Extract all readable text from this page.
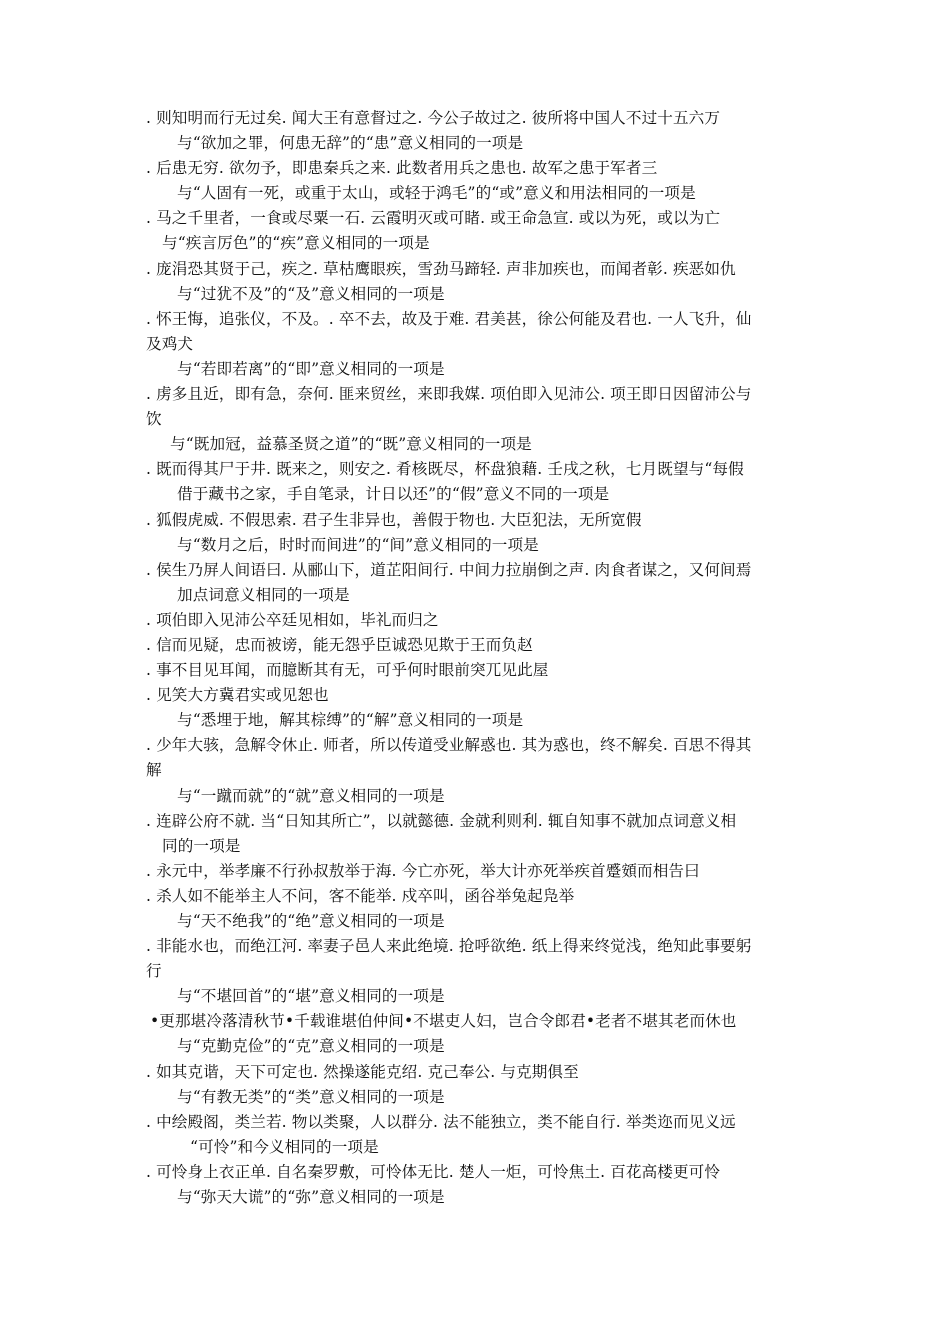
. 则知明而行无过矣. 闻大王有意督过之. 今公子故过之. 彼所将中国人不过十五六万
与“欲加之罪，何患无辞”的“患”意义相同的一项是
. 后患无穷. 欲勿予，即患秦兵之来. 此数者用兵之患也. 故军之患于军者三
与“人固有一死，或重于太山，或轻于鸿毛”的“或”意义和用法相同的一项是
. 马之千里者，一食或尽粟一石. 云霞明灭或可睹. 或王命急宣. 或以为死，或以为亡
与“疾言厉色”的“疾”意义相同的一项是
. 庞涓恐其贤于己，疾之. 草枯鹰眼疾，雪劲马蹄轻. 声非加疾也，而闻者彰. 疾恶如仇
与“过犹不及”的“及”意义相同的一项是
. 怀王悔，追张仪，不及。. 卒不去，故及于难. 君美甚，徐公何能及君也. 一人飞升，仙
及鸡犬
与“若即若离”的“即”意义相同的一项是
. 虏多且近，即有急，奈何. 匪来贸丝，来即我媒. 项伯即入见沛公. 项王即日因留沛公与
饮
与“既加冠，益慕圣贤之道”的“既”意义相同的一项是
. 既而得其尸于井. 既来之，则安之. 肴核既尽，杯盘狼藉. 壬戌之秋，七月既望与“每假
借于藏书之家，手自笔录，计日以还”的“假”意义不同的一项是
. 狐假虎威. 不假思索. 君子生非异也，善假于物也. 大臣犯法，无所宽假
与“数月之后，时时而间进”的“间”意义相同的一项是
. 侯生乃屏人间语曰. 从郦山下，道芷阳间行. 中间力拉崩倒之声. 肉食者谋之，又何间焉
加点词意义相同的一项是
. 项伯即入见沛公卒廷见相如，毕礼而归之
. 信而见疑，忠而被谤，能无怨乎臣诚恐见欺于王而负赵
. 事不目见耳闻，而臆断其有无，可乎何时眼前突兀见此屋
. 见笑大方冀君实或见恕也
与“悉埋于地，解其棕缚”的“解”意义相同的一项是
. 少年大骇，急解令休止. 师者，所以传道受业解惑也. 其为惑也，终不解矣. 百思不得其
解
与“一蹴而就”的“就”意义相同的一项是
. 连辟公府不就. 当“日知其所亡”，以就懿德. 金就利则利. 辄自知事不就加点词意义相
同的一项是
. 永元中，举孝廉不行孙叔敖举于海. 今亡亦死，举大计亦死举疾首蹙頞而相告曰
. 杀人如不能举主人不问，客不能举. 戍卒叫，函谷举兔起凫举
与“天不绝我”的“绝”意义相同的一项是
. 非能水也，而绝江河. 率妻子邑人来此绝境. 抢呼欲绝. 纸上得来终觉浅，绝知此事要躬
行
与“不堪回首”的“堪”意义相同的一项是
•更那堪冷落清秋节•千载谁堪伯仲间•不堪吏人妇，岂合令郎君•老者不堪其老而休也
与“克勤克俭”的“克”意义相同的一项是
. 如其克谐，天下可定也. 然操遂能克绍. 克己奉公. 与克期俱至
与“有教无类”的“类”意义相同的一项是
. 中绘殿阁，类兰若. 物以类聚，人以群分. 法不能独立，类不能自行. 举类迩而见义远
“可怜”和今义相同的一项是
. 可怜身上衣正单. 自名秦罗敷，可怜体无比. 楚人一炬，可怜焦土. 百花高楼更可怜
与“弥天大谎”的“弥”意义相同的一项是
